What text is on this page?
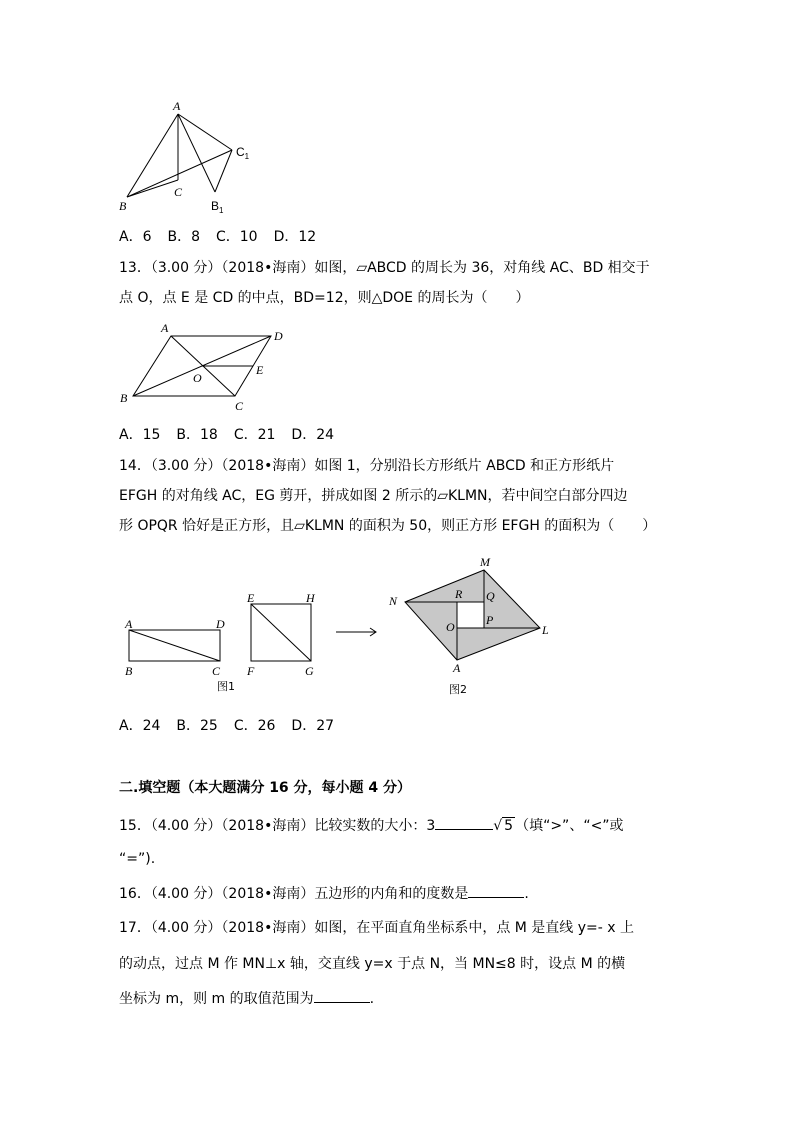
A
$C_1$
B
C
$B_1$
A．6 B．8 C．10 D．12
13．（3.00 分）（2018•海南）如图，▱ABCD 的周长为 36，对角线 AC、BD 相交于
点 O，点 E 是 CD 的中点，BD=12，则△DOE 的周长为（　　）
A
D
O
E
B
C
A．15 B．18 C．21 D．24
14．（3.00 分）（2018•海南）如图 1，分别沿长方形纸片 ABCD 和正方形纸片
EFGH 的对角线 AC，EG 剪开，拼成如图 2 所示的▱KLMN，若中间空白部分四边
形 OPQR 恰好是正方形，且▱KLMN 的面积为 50，则正方形 EFGH 的面积为（　　）
A	D
B	C
E	H
F	G
图1
M
N	R Q
O	P
L
A
图2
A．24 B．25 C．26 D．27
二.填空题（本大题满分 16 分，每小题 4 分）
15．（4.00 分）（2018•海南）比较实数的大小：3	√ 5 （填“>”、“<”或
“=”).
16．（4.00 分）（2018•海南）五边形的内角和的度数是	.
17．（4.00 分）（2018•海南）如图，在平面直角坐标系中，点 M 是直线 y=- x 上
的动点，过点 M 作 MN⊥x 轴，交直线 y=x 于点 N，当 MN≤8 时，设点 M 的横
坐标为 m，则 m 的取值范围为	.
